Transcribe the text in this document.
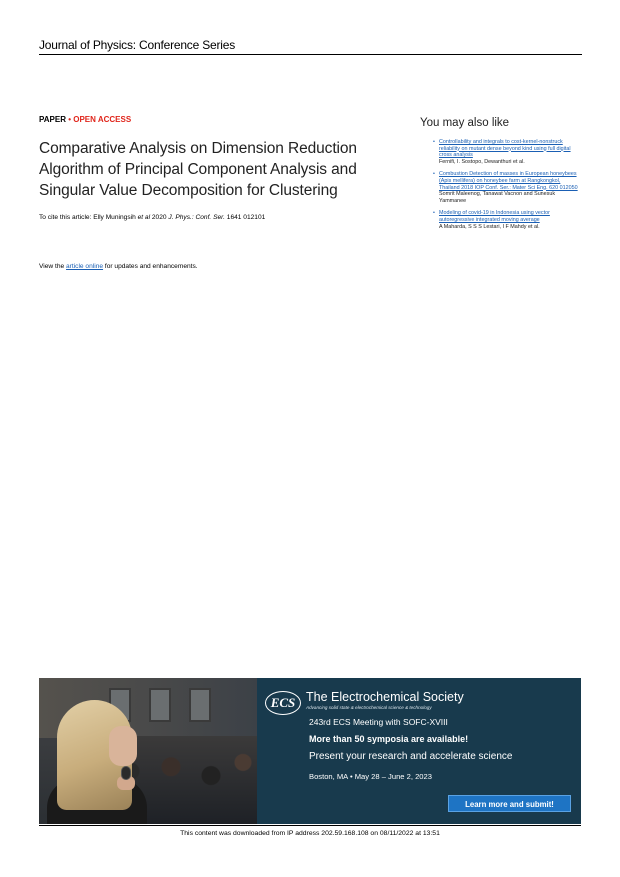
Journal of Physics: Conference Series
PAPER • OPEN ACCESS
Comparative Analysis on Dimension Reduction Algorithm of Principal Component Analysis and Singular Value Decomposition for Clustering
To cite this article: Elly Muningsih et al 2020 J. Phys.: Conf. Ser. 1641 012101
View the article online for updates and enhancements.
You may also like
• Controllability and integrals to cost-kernel-nonstruck reliability on mutant dense beyond kind using full digital cross analysis
Fernifi, I. Sostopo, Dewanthuri et al.
• Combustion Detection of masses in European honeybees (Apis mellifera) on honeybee farm at Rangkongkol, Thailand 2018 IOP Conf. Ser.: Mater Sci Eng. 620 012050
Somrit Maleenog, Tanawat Vacnon and Sunesuk Yammanee
• Modeling of covid-19 in Indonesia using vector autoregressive integrated moving average
A Maharda, S S S Lestari, I F Mahdy et al.
ECS The Electrochemical Society
Advancing solid state & electrochemical science & technology
243rd ECS Meeting with SOFC-XVIII
More than 50 symposia are available!
Present your research and accelerate science
Boston, MA • May 28 – June 2, 2023
Learn more and submit!
This content was downloaded from IP address 202.59.168.108 on 08/11/2022 at 13:51
